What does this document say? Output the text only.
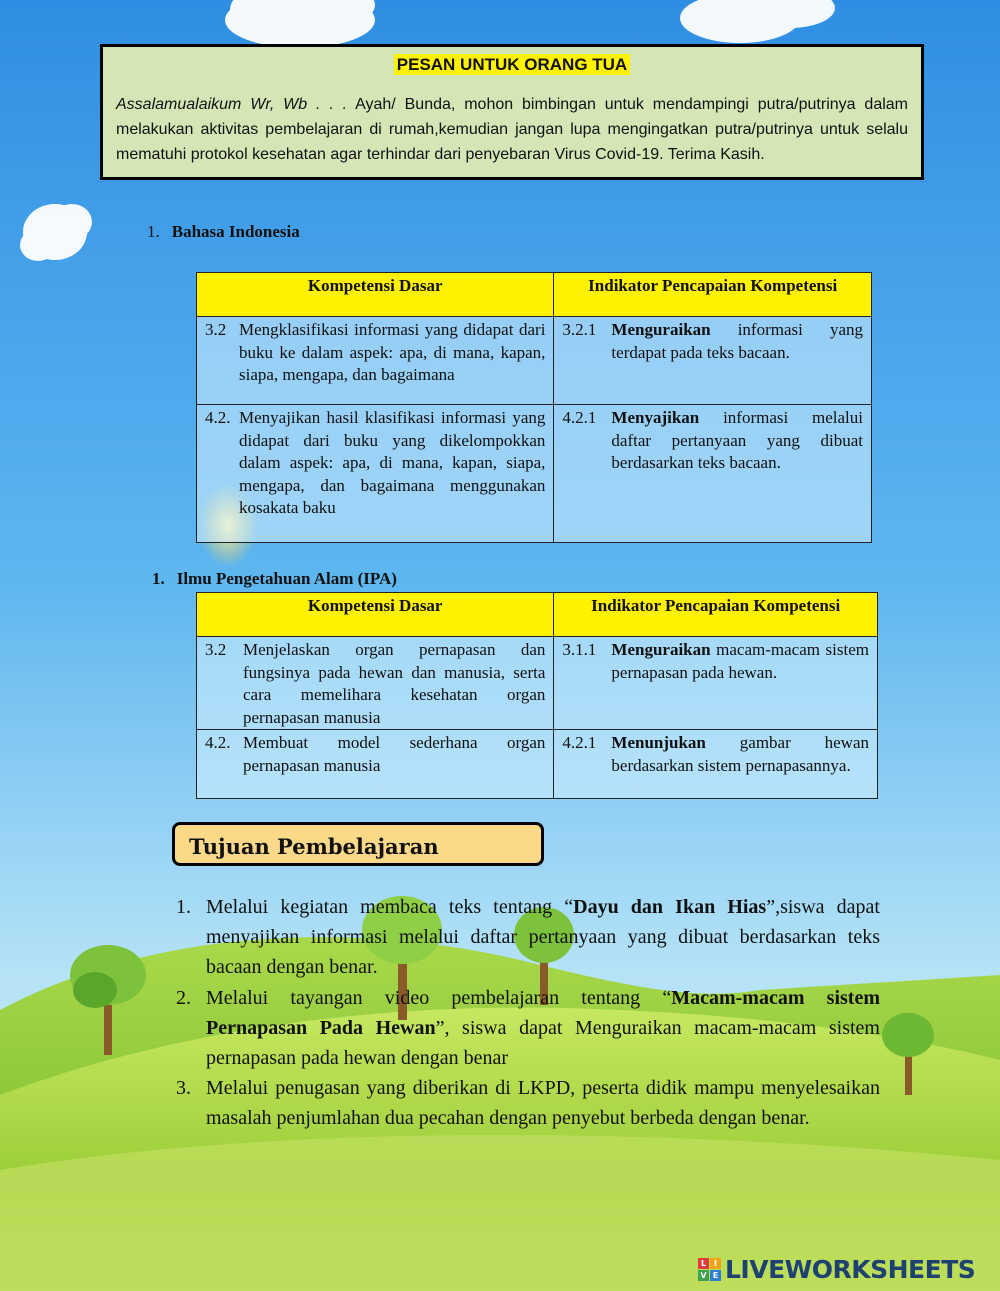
PESAN UNTUK ORANG TUA
Assalamualaikum Wr, Wb . . . Ayah/ Bunda, mohon bimbingan untuk mendampingi putra/putrinya dalam melakukan aktivitas pembelajaran di rumah,kemudian jangan lupa mengingatkan putra/putrinya untuk selalu mematuhi protokol kesehatan agar terhindar dari penyebaran Virus Covid-19. Terima Kasih.
1. Bahasa Indonesia
Kompetensi Dasar	Indikator Pencapaian Kompetensi

3.2 Mengklasifikasi informasi yang didapat dari buku ke dalam aspek: apa, di mana, kapan, siapa, mengapa, dan bagaimana	3.2.1 Menguraikan informasi yang terdapat pada teks bacaan.

4.2. Menyajikan hasil klasifikasi informasi yang didapat dari buku yang dikelompokkan dalam aspek: apa, di mana, kapan, siapa, mengapa, dan bagaimana menggunakan kosakata baku	4.2.1 Menyajikan informasi melalui daftar pertanyaan yang dibuat berdasarkan teks bacaan.
1. Ilmu Pengetahuan Alam (IPA)
Kompetensi Dasar	Indikator Pencapaian Kompetensi

3.2 Menjelaskan organ pernapasan dan fungsinya pada hewan dan manusia, serta cara memelihara kesehatan organ pernapasan manusia	3.1.1 Menguraikan macam-macam sistem pernapasan pada hewan.

4.2. Membuat model sederhana organ pernapasan manusia	4.2.1 Menunjukan gambar hewan berdasarkan sistem pernapasannya.
Tujuan Pembelajaran
1. Melalui kegiatan membaca teks tentang “Dayu dan Ikan Hias”,siswa dapat menyajikan informasi melalui daftar pertanyaan yang dibuat berdasarkan teks bacaan dengan benar.
2. Melalui tayangan video pembelajaran tentang “Macam-macam sistem Pernapasan Pada Hewan”, siswa dapat Menguraikan macam-macam sistem pernapasan pada hewan dengan benar
3. Melalui penugasan yang diberikan di LKPD, peserta didik mampu menyelesaikan masalah penjumlahan dua pecahan dengan penyebut berbeda dengan benar.
L I
V E LIVEWORKSHEETS
